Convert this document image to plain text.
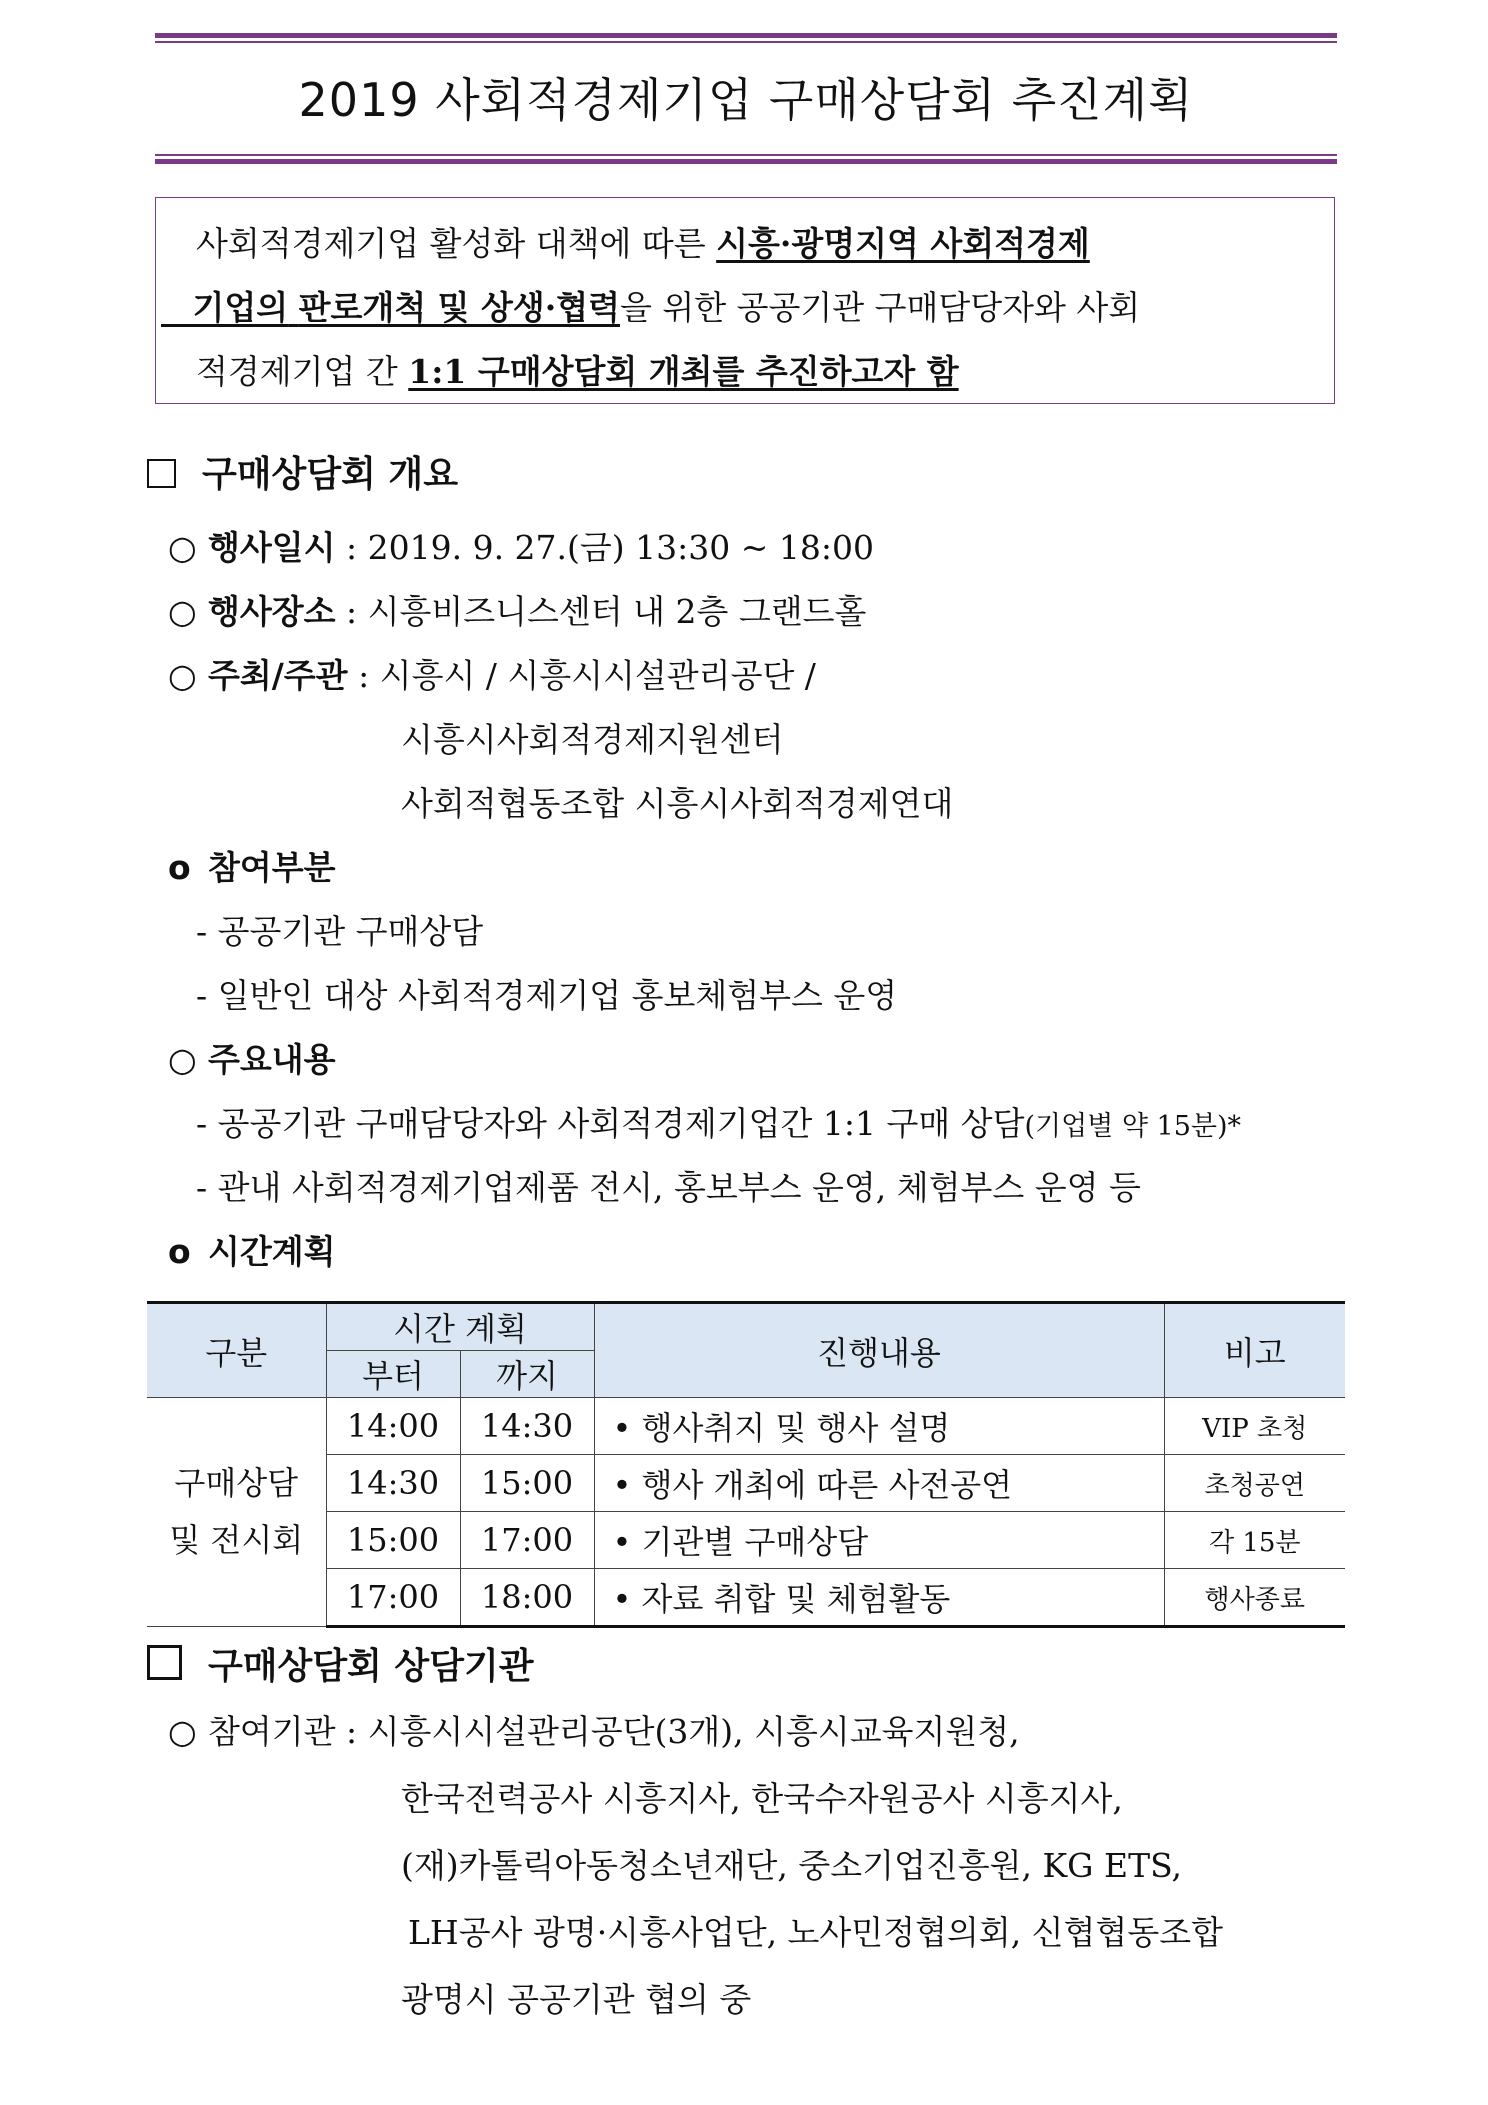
2019 사회적경제기업 구매상담회 추진계획
사회적경제기업 활성화 대책에 따른 시흥·광명지역 사회적경제
기업의 판로개척 및 상생·협력을 위한 공공기관 구매담당자와 사회
적경제기업 간 1:1 구매상담회 개최를 추진하고자 함
구매상담회 개요
○ 행사일시 : 2019. 9. 27.(금) 13:30 ~ 18:00
○ 행사장소 : 시흥비즈니스센터 내 2층 그랜드홀
○ 주최/주관 : 시흥시 / 시흥시시설관리공단 /
시흥시사회적경제지원센터
사회적협동조합 시흥시사회적경제연대
o 참여부분
- 공공기관 구매상담
- 일반인 대상 사회적경제기업 홍보체험부스 운영
○ 주요내용
- 공공기관 구매담당자와 사회적경제기업간 1:1 구매 상담(기업별 약 15분)*
- 관내 사회적경제기업제품 전시, 홍보부스 운영, 체험부스 운영 등
o 시간계획
구분	시간 계획		진행내용	비고
	부터	까지		
구매상담
및 전시회	14:00	14:30	• 행사취지 및 행사 설명	VIP 초청
	14:30	15:00	• 행사 개최에 따른 사전공연	초청공연
	15:00	17:00	• 기관별 구매상담	각 15분
	17:00	18:00	• 자료 취합 및 체험활동	행사종료
구매상담회 상담기관
○ 참여기관 : 시흥시시설관리공단(3개), 시흥시교육지원청,
한국전력공사 시흥지사, 한국수자원공사 시흥지사,
(재)카톨릭아동청소년재단, 중소기업진흥원, KG ETS,
LH공사 광명·시흥사업단, 노사민정협의회, 신협협동조합
광명시 공공기관 협의 중
